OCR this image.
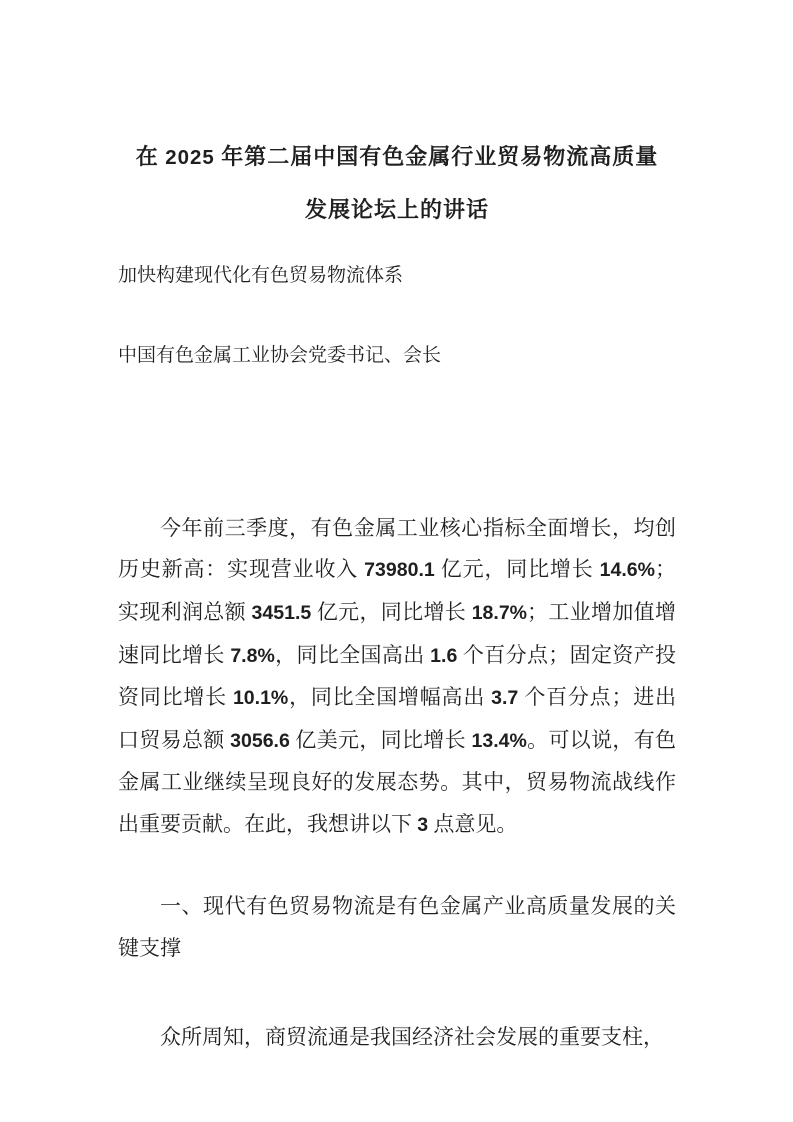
在 2025 年第二届中国有色金属行业贸易物流高质量
发展论坛上的讲话
加快构建现代化有色贸易物流体系
中国有色金属工业协会党委书记、会长

今年前三季度，有色金属工业核心指标全面增长，均创历史新高：实现营业收入 73980.1 亿元，同比增长 14.6%；实现利润总额 3451.5 亿元，同比增长 18.7%；工业增加值增速同比增长 7.8%，同比全国高出 1.6 个百分点；固定资产投资同比增长 10.1%，同比全国增幅高出 3.7 个百分点；进出口贸易总额 3056.6 亿美元，同比增长 13.4%。可以说，有色金属工业继续呈现良好的发展态势。其中，贸易物流战线作出重要贡献。在此，我想讲以下 3 点意见。

一、现代有色贸易物流是有色金属产业高质量发展的关键支撑

众所周知，商贸流通是我国经济社会发展的重要支柱，
